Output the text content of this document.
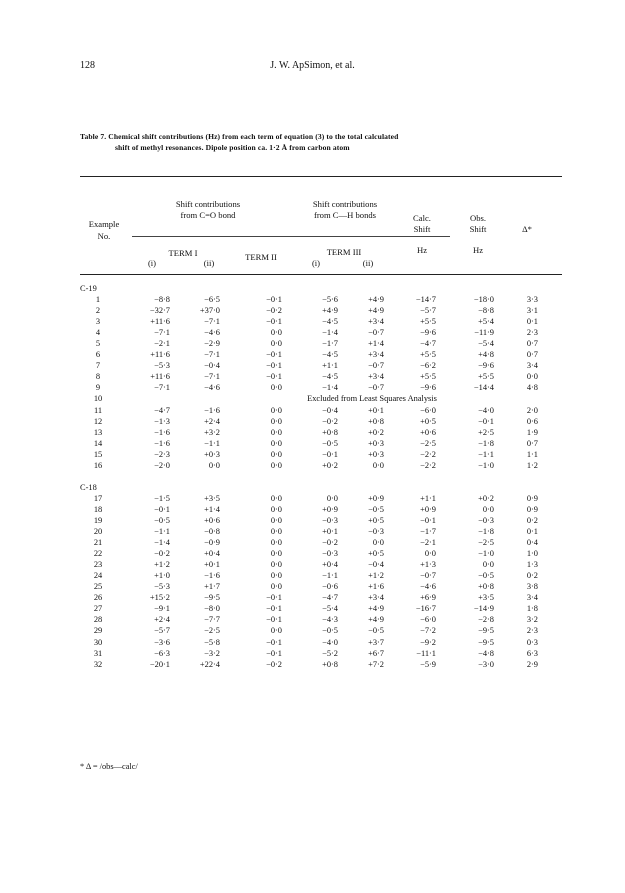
128	J. W. ApSimon, et al.
Table 7. Chemical shift contributions (Hz) from each term of equation (3) to the total calculated
shift of methyl resonances. Dipole position ca. 1·2 Å from carbon atom
Example
No.
Shift contributions
from C=O bond
Shift contributions
from C—H bonds	Calc.
Shift
Hz
Obs.
Shift
Hz
Δ*
TERM I
(i)	(ii)
TERM II	TERM III
(i)	(ii)
C-19
1	−8·8	−6·5	−0·1	−5·6	+4·9	−14·7	−18·0	3·3
2	−32·7	+37·0	−0·2	+4·9	+4·9	−5·7	−8·8	3·1
3	+11·6	−7·1	−0·1	−4·5	+3·4	+5·5	+5·4	0·1
4	−7·1	−4·6	0·0	−1·4	−0·7	−9·6	−11·9	2·3
5	−2·1	−2·9	0·0	−1·7	+1·4	−4·7	−5·4	0·7
6	+11·6	−7·1	−0·1	−4·5	+3·4	+5·5	+4·8	0·7
7	−5·3	−0·4	−0·1	+1·1	−0·7	−6·2	−9·6	3·4
8	+11·6	−7·1	−0·1	−4·5	+3·4	+5·5	+5·5	0·0
9	−7·1	−4·6	0·0	−1·4	−0·7	−9·6	−14·4	4·8
10	Excluded from Least Squares Analysis
11	−4·7	−1·6	0·0	−0·4	+0·1	−6·0	−4·0	2·0
12	−1·3	+2·4	0·0	−0·2	+0·8	+0·5	−0·1	0·6
13	−1·6	+3·2	0·0	+0·8	+0·2	+0·6	+2·5	1·9
14	−1·6	−1·1	0·0	−0·5	+0·3	−2·5	−1·8	0·7
15	−2·3	+0·3	0·0	−0·1	+0·3	−2·2	−1·1	1·1
16	−2·0	0·0	0·0	+0·2	0·0	−2·2	−1·0	1·2
C-18
17	−1·5	+3·5	0·0	0·0	+0·9	+1·1	+0·2	0·9
18	−0·1	+1·4	0·0	+0·9	−0·5	+0·9	0·0	0·9
19	−0·5	+0·6	0·0	−0·3	+0·5	−0·1	−0·3	0·2
20	−1·1	−0·8	0·0	+0·1	−0·3	−1·7	−1·8	0·1
21	−1·4	−0·9	0·0	−0·2	0·0	−2·1	−2·5	0·4
22	−0·2	+0·4	0·0	−0·3	+0·5	0·0	−1·0	1·0
23	+1·2	+0·1	0·0	+0·4	−0·4	+1·3	0·0	1·3
24	+1·0	−1·6	0·0	−1·1	+1·2	−0·7	−0·5	0·2
25	−5·3	+1·7	0·0	−0·6	+1·6	−4·6	+0·8	3·8
26	+15·2	−9·5	−0·1	−4·7	+3·4	+6·9	+3·5	3·4
27	−9·1	−8·0	−0·1	−5·4	+4·9	−16·7	−14·9	1·8
28	+2·4	−7·7	−0·1	−4·3	+4·9	−6·0	−2·8	3·2
29	−5·7	−2·5	0·0	−0·5	−0·5	−7·2	−9·5	2·3
30	−3·6	−5·8	−0·1	−4·0	+3·7	−9·2	−9·5	0·3
31	−6·3	−3·2	−0·1	−5·2	+6·7	−11·1	−4·8	6·3
32	−20·1	+22·4	−0·2	+0·8	+7·2	−5·9	−3·0	2·9
* Δ = /obs—calc/
